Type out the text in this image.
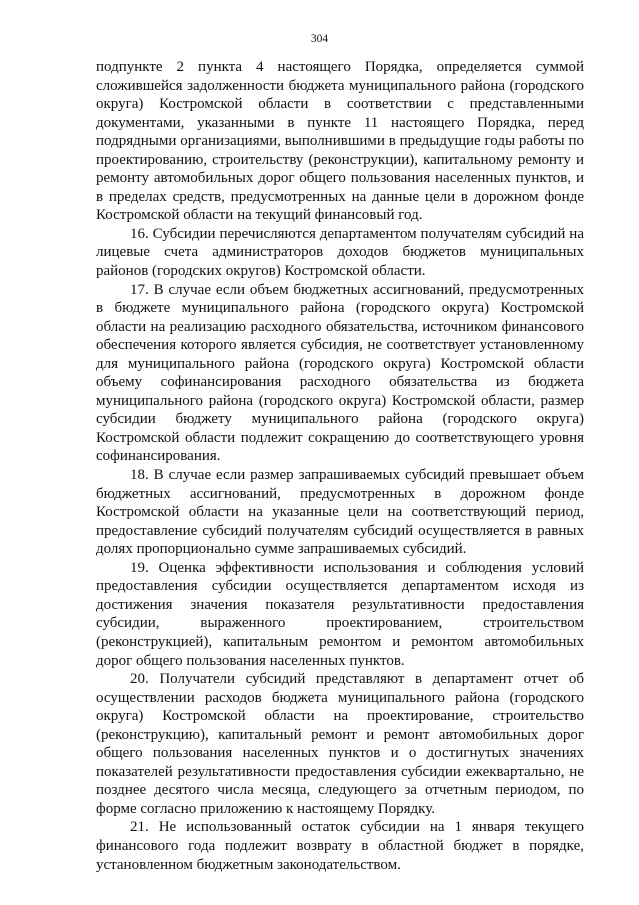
304

подпункте 2 пункта 4 настоящего Порядка, определяется суммой сложившейся задолженности бюджета муниципального района (городского округа) Костромской области в соответствии с представленными документами, указанными в пункте 11 настоящего Порядка, перед подрядными организациями, выполнившими в предыдущие годы работы по проектированию, строительству (реконструкции), капитальному ремонту и ремонту автомобильных дорог общего пользования населенных пунктов, и в пределах средств, предусмотренных на данные цели в дорожном фонде Костромской области на текущий финансовый год.

16. Субсидии перечисляются департаментом получателям субсидий на лицевые счета администраторов доходов бюджетов муниципальных районов (городских округов) Костромской области.

17. В случае если объем бюджетных ассигнований, предусмотренных в бюджете муниципального района (городского округа) Костромской области на реализацию расходного обязательства, источником финансового обеспечения которого является субсидия, не соответствует установленному для муниципального района (городского округа) Костромской области объему софинансирования расходного обязательства из бюджета муниципального района (городского округа) Костромской области, размер субсидии бюджету муниципального района (городского округа) Костромской области подлежит сокращению до соответствующего уровня софинансирования.

18. В случае если размер запрашиваемых субсидий превышает объем бюджетных ассигнований, предусмотренных в дорожном фонде Костромской области на указанные цели на соответствующий период, предоставление субсидий получателям субсидий осуществляется в равных долях пропорционально сумме запрашиваемых субсидий.

19. Оценка эффективности использования и соблюдения условий предоставления субсидии осуществляется департаментом исходя из достижения значения показателя результативности предоставления субсидии, выраженного проектированием, строительством (реконструкцией), капитальным ремонтом и ремонтом автомобильных дорог общего пользования населенных пунктов.

20. Получатели субсидий представляют в департамент отчет об осуществлении расходов бюджета муниципального района (городского округа) Костромской области на проектирование, строительство (реконструкцию), капитальный ремонт и ремонт автомобильных дорог общего пользования населенных пунктов и о достигнутых значениях показателей результативности предоставления субсидии ежеквартально, не позднее десятого числа месяца, следующего за отчетным периодом, по форме согласно приложению к настоящему Порядку.

21. Не использованный остаток субсидии на 1 января текущего финансового года подлежит возврату в областной бюджет в порядке, установленном бюджетным законодательством.
